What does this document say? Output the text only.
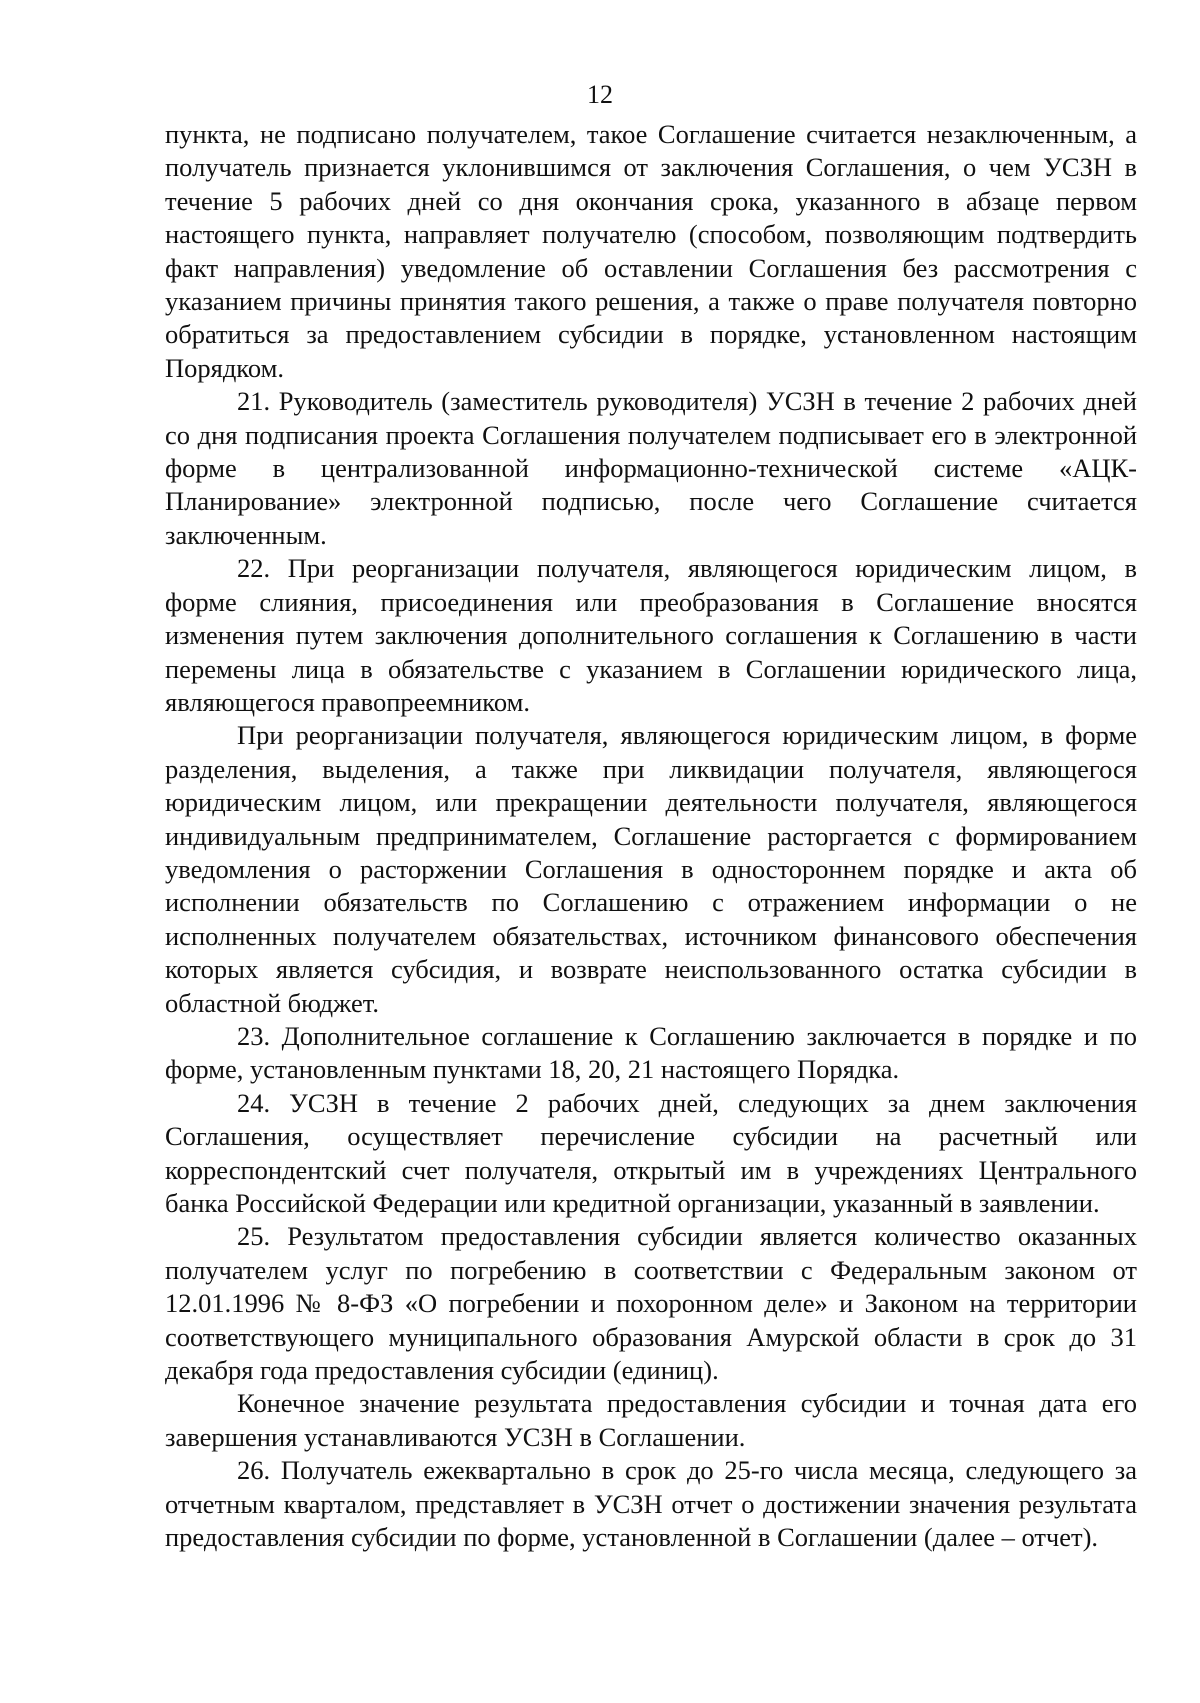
12

пункта, не подписано получателем, такое Соглашение считается незаключенным, а получатель признается уклонившимся от заключения Соглашения, о чем УСЗН в течение 5 рабочих дней со дня окончания срока, указанного в абзаце первом настоящего пункта, направляет получателю (способом, позволяющим подтвердить факт направления) уведомление об оставлении Соглашения без рассмотрения с указанием причины принятия такого решения, а также о праве получателя повторно обратиться за предоставлением субсидии в порядке, установленном настоящим Порядком.

21. Руководитель (заместитель руководителя) УСЗН в течение 2 рабочих дней со дня подписания проекта Соглашения получателем подписывает его в электронной форме в централизованной информационно-технической системе «АЦК-Планирование» электронной подписью, после чего Соглашение считается заключенным.

22. При реорганизации получателя, являющегося юридическим лицом, в форме слияния, присоединения или преобразования в Соглашение вносятся изменения путем заключения дополнительного соглашения к Соглашению в части перемены лица в обязательстве с указанием в Соглашении юридического лица, являющегося правопреемником.

При реорганизации получателя, являющегося юридическим лицом, в форме разделения, выделения, а также при ликвидации получателя, являющегося юридическим лицом, или прекращении деятельности получателя, являющегося индивидуальным предпринимателем, Соглашение расторгается с формированием уведомления о расторжении Соглашения в одностороннем порядке и акта об исполнении обязательств по Соглашению с отражением информации о не исполненных получателем обязательствах, источником финансового обеспечения которых является субсидия, и возврате неиспользованного остатка субсидии в областной бюджет.

23. Дополнительное соглашение к Соглашению заключается в порядке и по форме, установленным пунктами 18, 20, 21 настоящего Порядка.

24. УСЗН в течение 2 рабочих дней, следующих за днем заключения Соглашения, осуществляет перечисление субсидии на расчетный или корреспондентский счет получателя, открытый им в учреждениях Центрального банка Российской Федерации или кредитной организации, указанный в заявлении.

25. Результатом предоставления субсидии является количество оказанных получателем услуг по погребению в соответствии с Федеральным законом от 12.01.1996 № 8-ФЗ «О погребении и похоронном деле» и Законом на территории соответствующего муниципального образования Амурской области в срок до 31 декабря года предоставления субсидии (единиц).

Конечное значение результата предоставления субсидии и точная дата его завершения устанавливаются УСЗН в Соглашении.

26. Получатель ежеквартально в срок до 25-го числа месяца, следующего за отчетным кварталом, представляет в УСЗН отчет о достижении значения результата предоставления субсидии по форме, установленной в Соглашении (далее – отчет).
